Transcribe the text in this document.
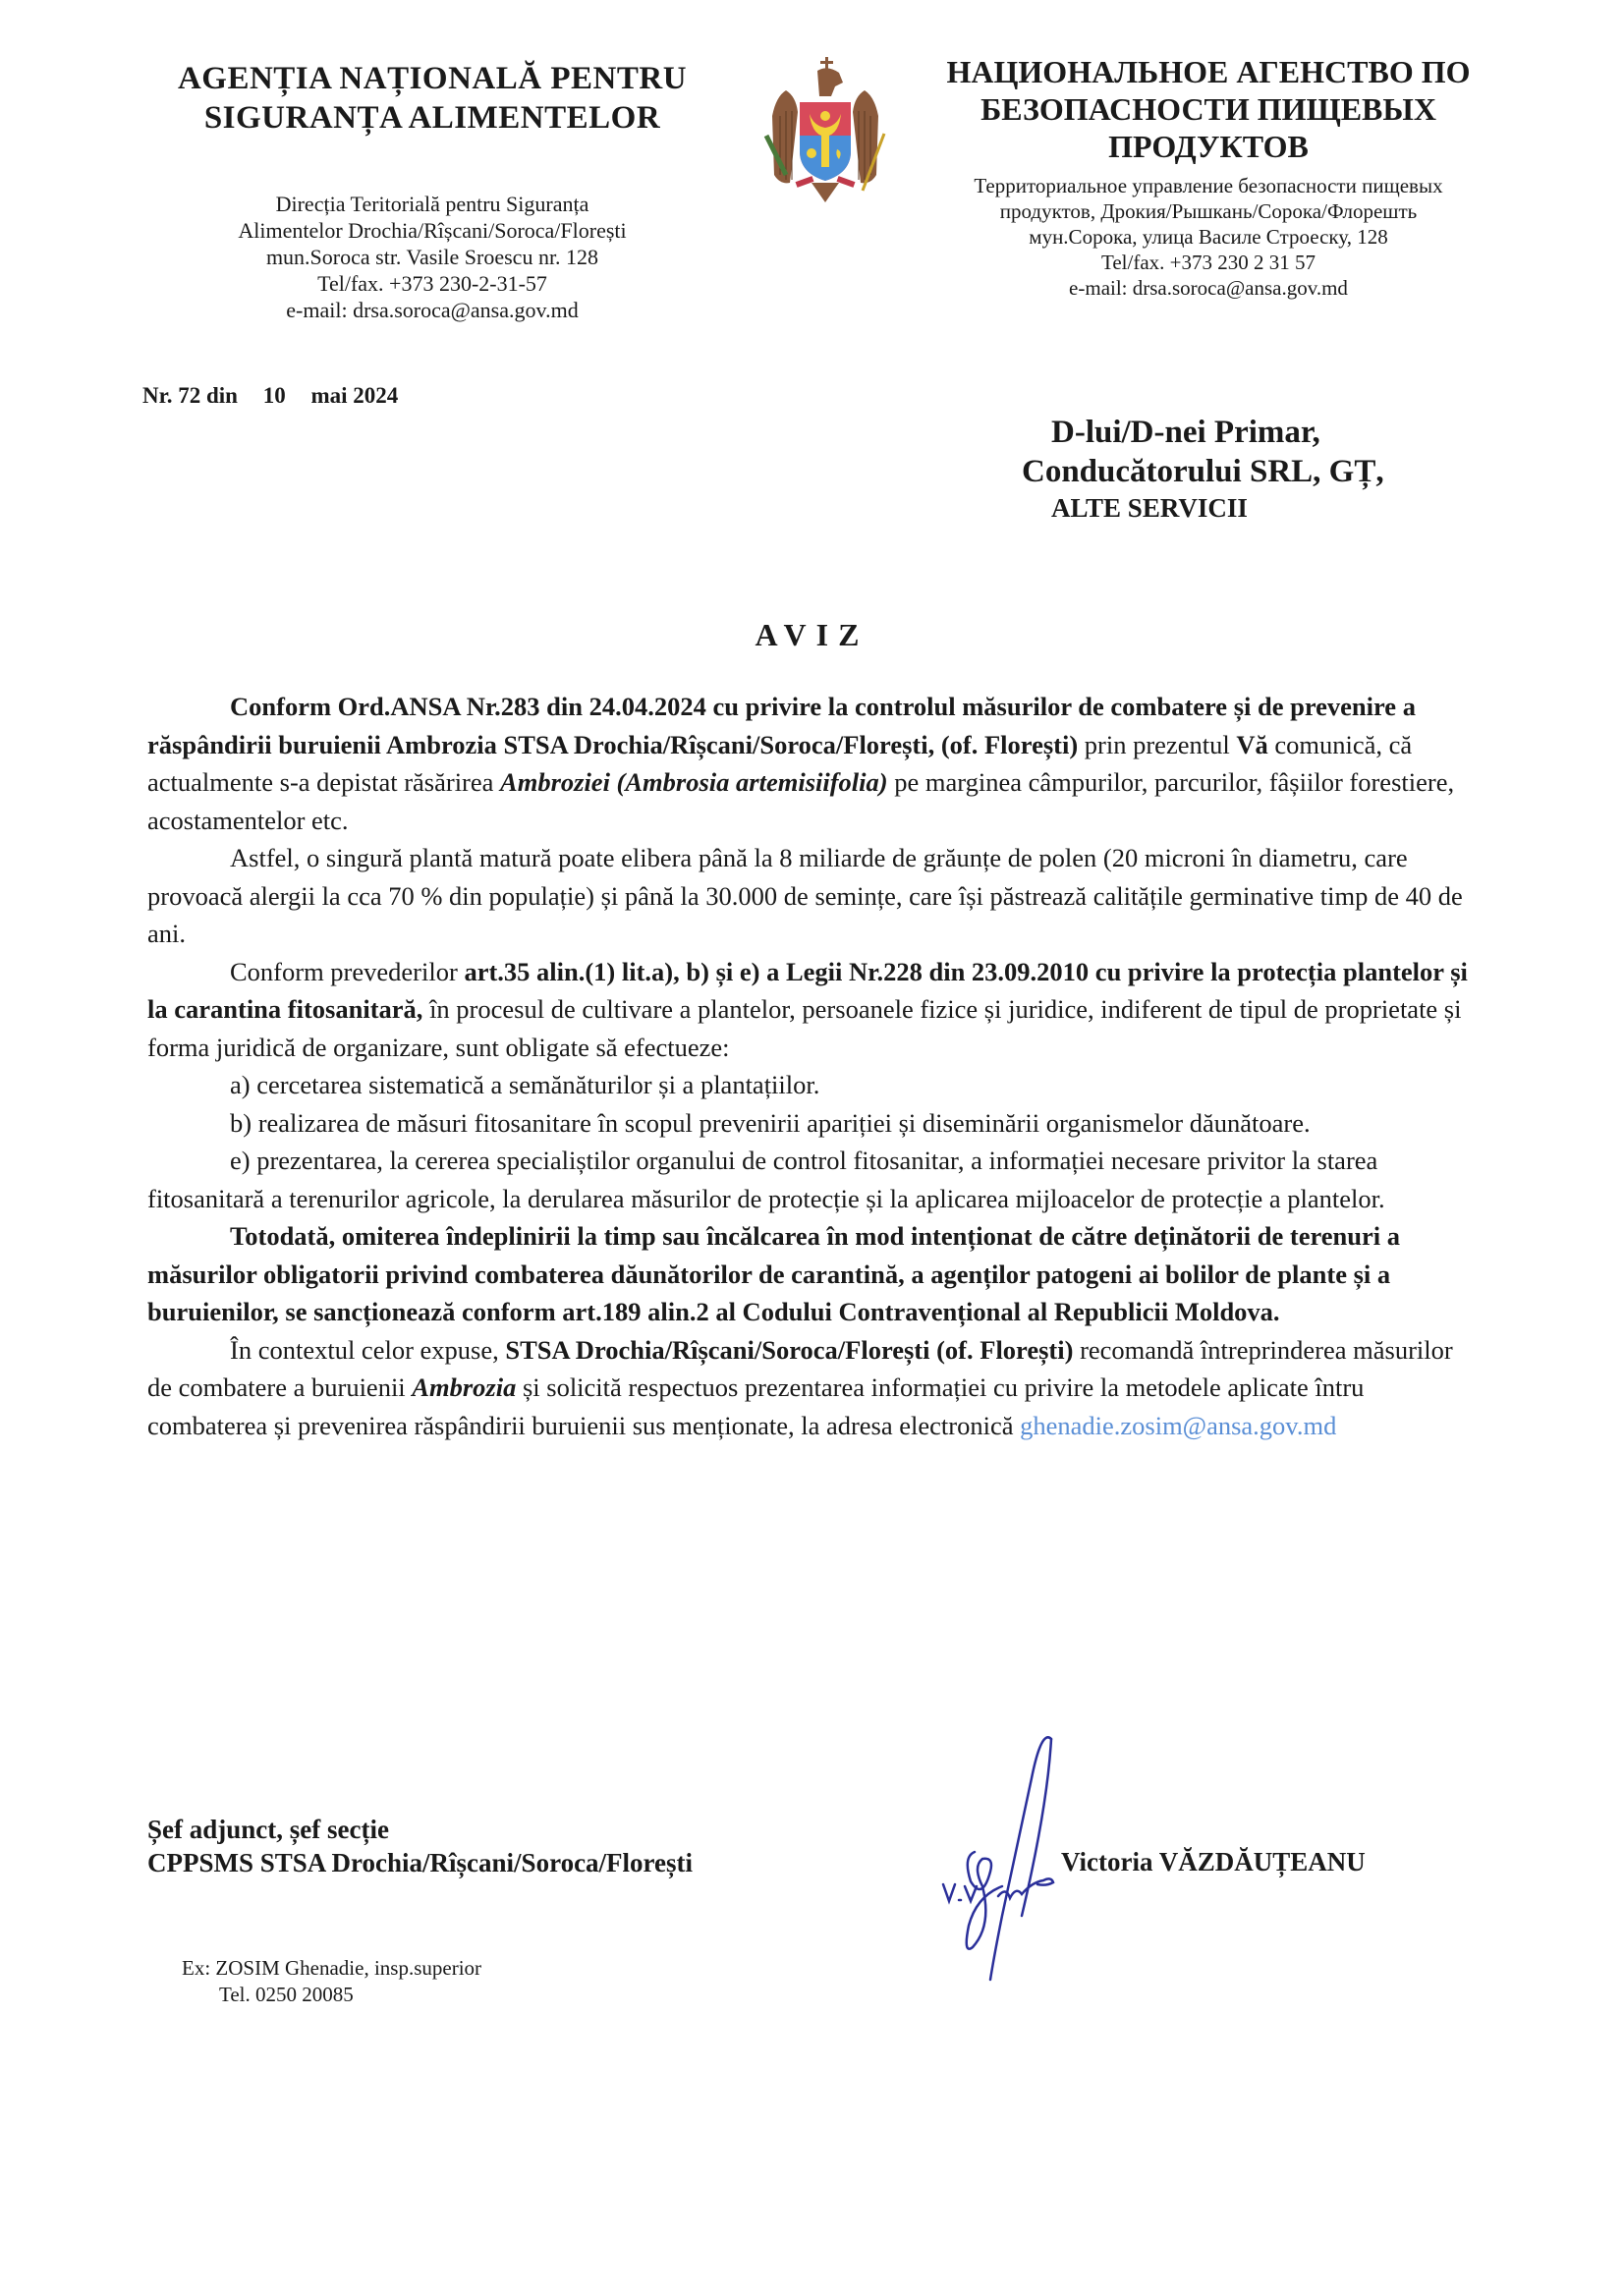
AGENȚIA NAȚIONALĂ PENTRU
SIGURANȚA ALIMENTELOR
Direcția Teritorială pentru Siguranța
Alimentelor Drochia/Rîșcani/Soroca/Florești
mun.Soroca str. Vasile Sroescu nr. 128
Tel/fax. +373 230-2-31-57
e-mail: drsa.soroca@ansa.gov.md
НАЦИОНАЛЬНОЕ АГЕНСТВО ПО
БЕЗОПАСНОСТИ ПИЩЕВЫХ
ПРОДУКТОВ
Территориальное управление безопасности пищевых
продуктов, Дрокия/Рышкань/Сорока/Флорешть
мун.Сорока, улица Василе Строеску, 128
Tel/fax. +373 230 2 31 57
e-mail: drsa.soroca@ansa.gov.md
Nr. 72 din 10 mai 2024
D-lui/D-nei Primar,
Conducătorului SRL, GȚ,
ALTE SERVICII
AVIZ

Conform Ord.ANSA Nr.283 din 24.04.2024 cu privire la controlul măsurilor de combatere și de prevenire a răspândirii buruienii Ambrozia STSA Drochia/Rîșcani/Soroca/Florești, (of. Florești) prin prezentul Vă comunică, că actualmente s-a depistat răsărirea Ambroziei (Ambrosia artemisiifolia) pe marginea câmpurilor, parcurilor, fâșiilor forestiere, acostamentelor etc.

Astfel, o singură plantă matură poate elibera până la 8 miliarde de grăunțe de polen (20 microni în diametru, care provoacă alergii la cca 70 % din populație) și până la 30.000 de semințe, care își păstrează calitățile germinative timp de 40 de ani.

Conform prevederilor art.35 alin.(1) lit.a), b) și e) a Legii Nr.228 din 23.09.2010 cu privire la protecția plantelor și la carantina fitosanitară, în procesul de cultivare a plantelor, persoanele fizice și juridice, indiferent de tipul de proprietate și forma juridică de organizare, sunt obligate să efectueze:

a) cercetarea sistematică a semănăturilor și a plantațiilor.

b) realizarea de măsuri fitosanitare în scopul prevenirii apariției și diseminării organismelor dăunătoare.

e) prezentarea, la cererea specialiștilor organului de control fitosanitar, a informației necesare privitor la starea fitosanitară a terenurilor agricole, la derularea măsurilor de protecție și la aplicarea mijloacelor de protecție a plantelor.

Totodată, omiterea îndeplinirii la timp sau încălcarea în mod intenționat de către deținătorii de terenuri a măsurilor obligatorii privind combaterea dăunătorilor de carantină, a agenților patogeni ai bolilor de plante și a buruienilor, se sancționează conform art.189 alin.2 al Codului Contravențional al Republicii Moldova.

În contextul celor expuse, STSA Drochia/Rîșcani/Soroca/Florești (of. Florești) recomandă întreprinderea măsurilor de combatere a buruienii Ambrozia și solicită respectuos prezentarea informației cu privire la metodele aplicate întru combaterea și prevenirea răspândirii buruienii sus menționate, la adresa electronică ghenadie.zosim@ansa.gov.md

Șef adjunct, șef secție
CPPSMS STSA Drochia/Rîșcani/Soroca/Florești	Victoria VĂZDĂUȚEANU
Ex: ZOSIM Ghenadie, insp.superior
Tel. 0250 20085
